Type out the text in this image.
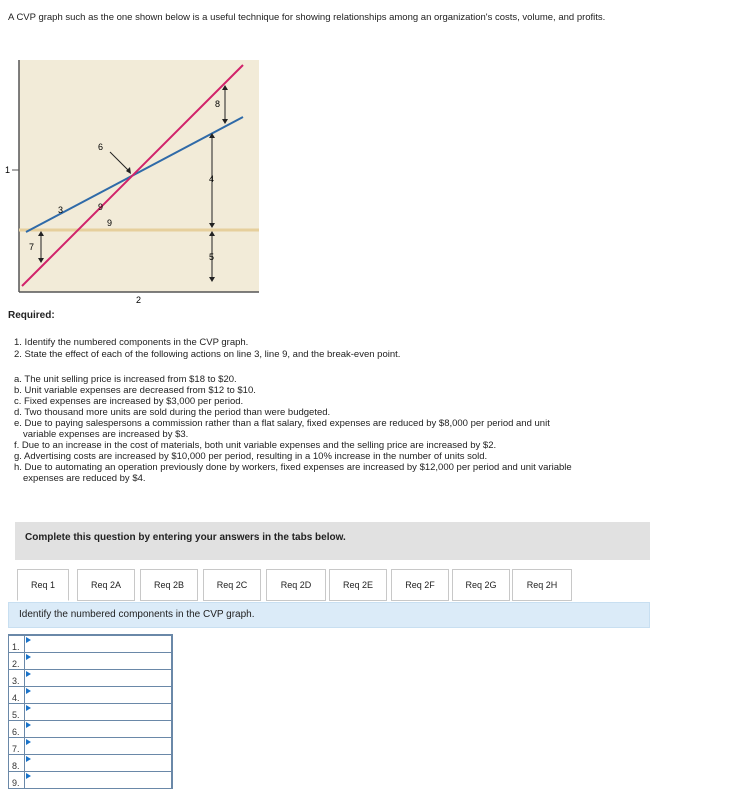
A CVP graph such as the one shown below is a useful technique for showing relationships among an organization's costs, volume, and profits.
1
2
3
4
5
6
7
8
9
9
Required:
1. Identify the numbered components in the CVP graph.
2. State the effect of each of the following actions on line 3, line 9, and the break-even point.
a. The unit selling price is increased from $18 to $20.
b. Unit variable expenses are decreased from $12 to $10.
c. Fixed expenses are increased by $3,000 per period.
d. Two thousand more units are sold during the period than were budgeted.
e. Due to paying salespersons a commission rather than a flat salary, fixed expenses are reduced by $8,000 per period and unit
variable expenses are increased by $3.
f. Due to an increase in the cost of materials, both unit variable expenses and the selling price are increased by $2.
g. Advertising costs are increased by $10,000 per period, resulting in a 10% increase in the number of units sold.
h. Due to automating an operation previously done by workers, fixed expenses are increased by $12,000 per period and unit variable
expenses are reduced by $4.
Complete this question by entering your answers in the tabs below.
Req 1	Req 2A	Req 2B	Req 2C	Req 2D	Req 2E	Req 2F	Req 2G	Req 2H
Identify the numbered components in the CVP graph.
1.	
2.	
3.	
4.	
5.	
6.	
7.	
8.	
9.	
